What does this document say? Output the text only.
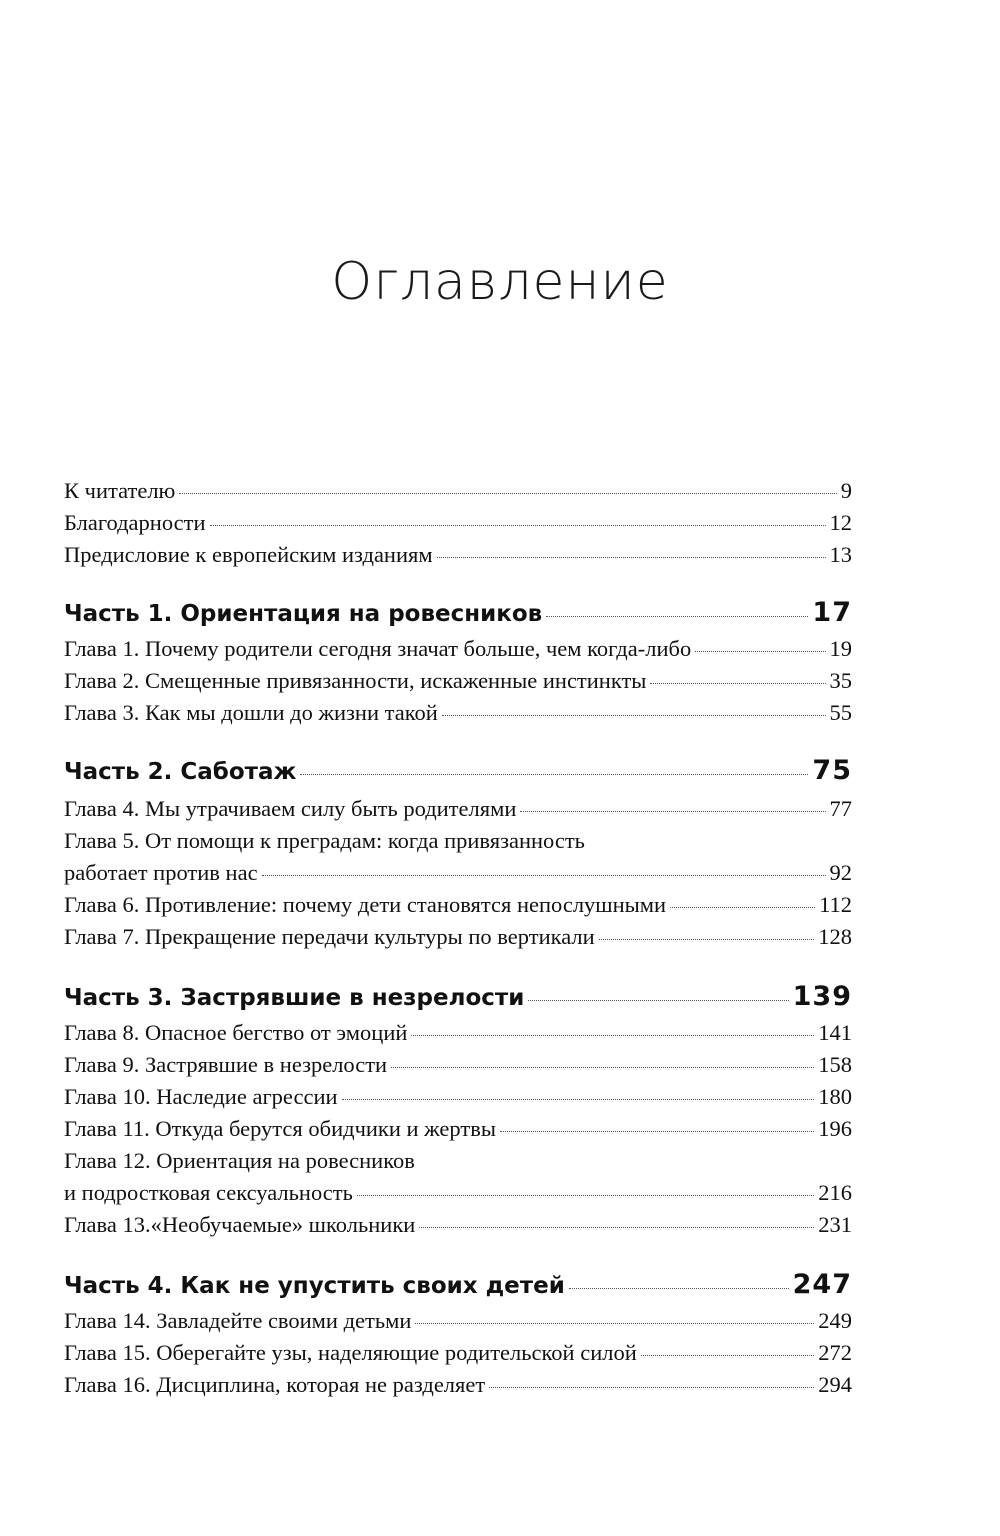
Оглавление
К читателю	9
Благодарности	12
Предисловие к европейским изданиям	13
Часть 1. Ориентация на ровесников	17
Глава 1. Почему родители сегодня значат больше, чем когда-либо	19
Глава 2. Смещенные привязанности, искаженные инстинкты	35
Глава 3. Как мы дошли до жизни такой	55
Часть 2. Саботаж	75
Глава 4. Мы утрачиваем силу быть родителями	77
Глава 5. От помощи к преградам: когда привязанность
работает против нас	92
Глава 6. Противление: почему дети становятся непослушными	112
Глава 7. Прекращение передачи культуры по вертикали	128
Часть 3. Застрявшие в незрелости	139
Глава 8. Опасное бегство от эмоций	141
Глава 9. Застрявшие в незрелости	158
Глава 10. Наследие агрессии	180
Глава 11. Откуда берутся обидчики и жертвы	196
Глава 12. Ориентация на ровесников
и подростковая сексуальность	216
Глава 13.«Необучаемые» школьники	231
Часть 4. Как не упустить своих детей	247
Глава 14. Завладейте своими детьми	249
Глава 15. Оберегайте узы, наделяющие родительской силой	272
Глава 16. Дисциплина, которая не разделяет	294
